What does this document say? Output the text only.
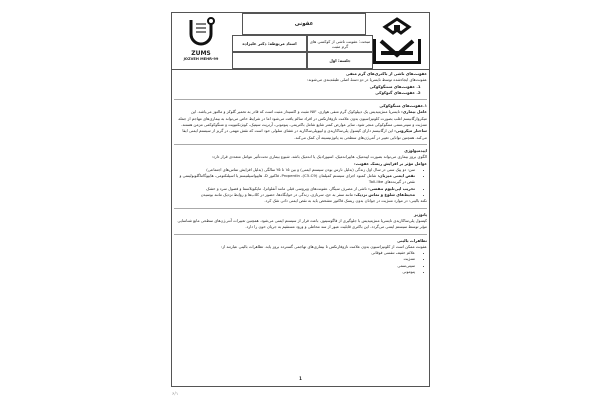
ZUMS
JOZVEH MEHR-99
عفونی
مبحث: عفونت ناشی از کوکسی های گرم مثبت
جلسه: اول
استاد مربوطه: دکتر علیزاده

عفونت‌های ناشی از باکتری‌های گرم منفی

عفونت‌های ایجادشده توسط نایسریا در دو دستهٔ اصلی طبقه‌بندی می‌شوند:

1. عفونت‌های منننگوکوکی
2. عفونت‌های گنوکوکی

۱.عفونت‌های مننگوکوکی

عامل بیماری: نایسریا مننژیتیدیس یک دیپلوکوک گرم منفی هوازی، NIF مثبت و اکسیداز مثبت است که قادر به تخمیر گلوکز و مالتوز می‌باشد. این میکروارگانیسم اغلب بصورت کلونیزاسیون بدون علامت نازوفارنکس در افراد سالم یافت می‌شود اما در شرایط خاص می‌تواند به بیماری‌های مهاجم از جمله مننژیت و سپتی‌سمی مننگوکوکی منجر شود. سایر عوارض کمتر شایع شامل باکتریمی، پنومونی، آرتریت سپتیک، کونژنکتیویت و مننگوکوکمی مزمن هستند.

ساختار میکروبی: این ارگانیسم دارای کپسول پلی‌ساکاریدی و لیپوپلی‌ساکارید در غشای سلولی خود است که نقش مهمی در گریز از سیستم ایمنی ایفا می‌کند. همچنین توانایی تغییر در آنتی‌ژن‌های سطحی به پاتوژنیسیته آن کمک می‌کند.

اپیدمیولوژی

الگوی بروز بیماری می‌تواند بصورت اپیدمیک، هایپراندمیک، اسپورادیک یا اندمیک باشد. شیوع بیماری تحت‌تأثیر عوامل متعددی قرار دارد:

عوامل مؤثر بر افزایش ریسک عفونت:

• سن: دو پیک سنی در سال اول زندگی (بدلیل نارس بودن سیستم ایمنی) و بین ۱۵ تا ۲۵ سالگی (بدلیل افزایش تماس‌های اجتماعی)
• نقص ایمنی میزبان: شامل کمبود اجزای سیستم کمپلمان (C5-C9)، Properdin، فاکتور D، هایپواسپلنیسم یا اسپلنکتومی، هایپوگاماگلوبولینمی و نقص در گیرنده‌های Toll-like
• تخریب اپی‌تلیوم تنفسی: ناشی از مصرف سیگار، عفونت‌های ویروسی قبلی مانند آنفلوانزا، مایکوپلاسما و فصول سرد و خشک
• محیط‌های شلوغ و تماس نزدیک: مانند سفر به حج، سربازی، زندگی در خوابگاه‌ها، حضور در کلاب‌ها و روابط نزدیک مانند بوسیدن

نکته بالینی: در موارد مننژیت در جوانان بدون ریسک فاکتور مشخص باید به نقص ایمنی ذاتی شک کرد.

پاتوژنز

کپسول پلی‌ساکاریدی نایسریا مننژیتیدیس با جلوگیری از فاگوسیتوز، باعث فرار از سیستم ایمنی می‌شود. همچنین تغییرات آنتی‌ژن‌های سطحی مانع شناسایی مؤثر توسط سیستم ایمنی می‌گردد. این باکتری قابلیت عبور از سد مخاطی و ورود مستقیم به جریان خون را دارد.

تظاهرات بالینی

عفونت ممکن است از کلونیزاسیون بدون علامت نازوفارنکس تا بیماری‌های تهاجمی گسترده بروز یابد. تظاهرات بالینی عبارتند از:

• علائم خفیف تنفسی فوقانی
• مننژیت
• سپتی‌سمی
• پنومونی
1
۶/۱
